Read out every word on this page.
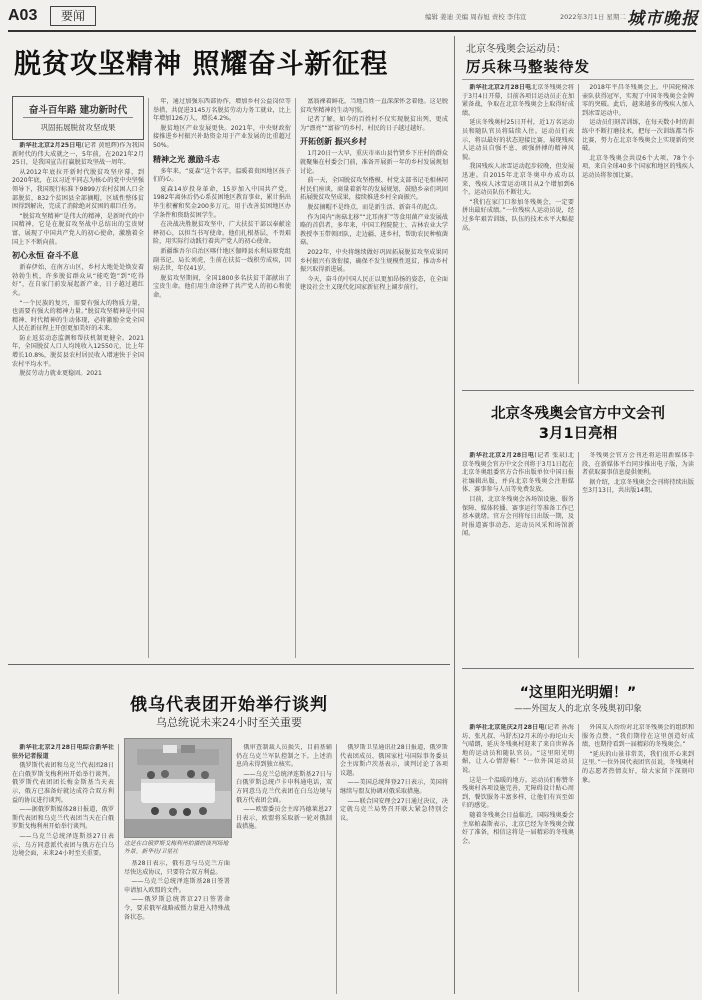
A03	要闻	编辑 姜迪 美编 周春旭 责校 李伟宣	2022年3月1日 星期二 城市晚报
脱贫攻坚精神 照耀奋斗新征程
奋斗百年路 建功新时代
巩固拓展脱贫攻坚成果

新华社北京2月25日电(记者 黄旭辉)作为我国新时代的伟大成就之一，5年前，在2021年2月25日，是我国宣告打赢脱贫攻坚战一周年。

从2012年底拉开新时代脱贫攻坚序幕，到2020年底，在以习近平同志为核心的党中央坚强领导下，我国现行标准下9899万农村贫困人口全部脱贫，832个贫困县全部摘帽，区域性整体贫困得到解决，完成了消除绝对贫困的艰巨任务。

“脱贫攻坚精神”是伟大的精神，是新时代的中国精神，它是在脱贫攻坚战中总结出的宝贵财富，展现了中国共产党人的初心使命，激励着全国上下不断向前。

初心永恒 奋斗不息

新春伊始，在南方山区，乡村大地处处焕发着勃勃生机，许多脱贫群众从“能吃饱”到“吃得好”，在自家门前发展起新产业，日子越过越红火。

“一个民族的复兴，需要有强大的物质力量，也需要有强大的精神力量。”脱贫攻坚精神是中国精神、时代精神的生动体现，必将激励全党全国人民在新征程上开创更加美好的未来。

防止返贫动态监测和帮扶机制更健全。2021年，全国脱贫人口人均纯收入12550元，比上年增长10.8%，脱贫县农村居民收入增速快于全国农村平均水平。

脱贫劳动力就业更稳固。2021

年，通过加强东西部协作，增加乡村公益岗位等举措，共促进3145万名脱贫劳动力务工就业，比上年增加126万人，增长4.2%。

脱贫地区产业发展更快。2021年，中央财政衔接推进乡村振兴补助资金用于产业发展的比重超过50%。

精神之光 激励斗志

多年来，“夏森”这个名字，温暖着贵困地区孩子们的心。

夏森14岁投身革命，15岁加入中国共产党，1982年离休后仍心系贫困地区教育事业，累计捐出毕生积蓄和奖金200多万元，用于改善贫困地区办学条件和资助贫困学生。

在决战决胜脱贫攻坚中，广大扶贫干部以奉献诠释初心，以担当书写使命。他们扎根基层，不畏艰险，用实际行动践行着共产党人的初心使命。

新疆维吾尔自治区喀什地区伽师县水利局原党组副书记、局长刘虎，生前在扶贫一线积劳成疾，因病去世，年仅41岁。

脱贫攻坚期间，全国1800多名扶贫干部献出了宝贵生命。他们用生命诠释了共产党人的初心和使命。

富翁裸着鲜花，当地百姓一直深深怀念着他。这是脱贫攻坚精神的生动写照。

记者了解，如今的百姓村不仅实现脱贫出列，更成为“漂亮”“富裕”的乡村，村民的日子越过越好。

开拓创新 振兴乡村

1月20日一大早，重庆市巫山县竹贤乡下庄村的群众就聚集在村委会门前，准备开展新一年的乡村发展规划讨论。

前一天，全国脱贫攻坚楷模、村党支部书记毛相林同村民们座谈，商量着新年的发展规划，鼓励乡亲们巩固拓展脱贫攻坚成果，接续推进乡村全面振兴。

脱贫摘帽不是终点，而是新生活、新奋斗的起点。

作为国内“南菇北移”“北耳南扩”等食用菌产业发展战略的首倡者，多年来，中国工程院院士、吉林农业大学教授李玉带领团队，走边疆、进乡村，帮助农民种植菌菇。

2022年，中央将继续做好巩固拓展脱贫攻坚成果同乡村振兴有效衔接，确保不发生规模性返贫，推动乡村振兴取得新进展。

今天，奋斗的中国人民正以更加昂扬的姿态，在全面建设社会主义现代化国家新征程上阔步前行。

北京冬残奥会运动员：
厉兵秣马整装待发

新华社北京2月28日电北京冬残奥会将于3月4日开幕，目前各项目运动员正在加紧备战，争取在北京冬残奥会上取得好成绩。

延庆冬残奥村25日开村，近1万名运动员和随队官员将陆续入住。运动员们表示，将以最好的状态迎接比赛，展现残疾人运动员自强不息、顽强拼搏的精神风貌。

我国残疾人冰雪运动起步较晚，但发展迅速。自2015年北京冬奥申办成功以来，残疾人冰雪运动项目从2个增加到6个，运动员队伍不断壮大。

“我们在家门口参加冬残奥会，一定要拼出最好成绩。”一位残疾人运动员说，经过多年艰苦训练，队伍的技术水平大幅提高。

2018年平昌冬残奥会上，中国轮椅冰壶队获得冠军，实现了中国冬残奥会金牌零的突破。此后，越来越多的残疾人加入到冰雪运动中。

运动员们刻苦训练，在每天数小时的训练中不断打磨技术，把每一次训练都当作比赛，努力在北京冬残奥会上实现新的突破。

北京冬残奥会共设6个大项、78个小项，来自全球40多个国家和地区的残疾人运动员将参加比赛。

北京冬残奥会官方中文会刊
3月1日亮相

新华社北京2月28日电(记者 张泉)北京冬残奥会官方中文会刊将于3月1日起在北京冬奥组委官方合作出版单位中国日报社编辑出版，并向北京冬残奥会注册媒体、赛事参与人员等免费发放。

目前，北京冬残奥会各场馆设施、服务保障、媒体转播、赛事运行等准备工作已基本就绪。官方会刊将每日出版一期，及时报道赛事动态、运动员风采和场馆新闻。

冬残奥会官方会刊还将运用新媒体手段，在新媒体平台同步推出电子版，为读者获取赛事信息提供便利。

据介绍，北京冬残奥会会刊将持续出版至3月13日，共出版14期。

“这里阳光明媚！”
——外国友人的北京冬残奥初印象

新华社北京延庆2月28日电(记者 孙海坊、张凡叔、马舒杰)2月末的小海坨山天气晴朗，延庆冬残奥村迎来了来自世界各地的运动员和随队官员。“这里阳光明媚，让人心情舒畅！”一位外国运动员说。

这是一个温暖的地方。运动员们称赞冬残奥村各项设施完善，无障碍设计贴心周到，餐饮服务丰富多样，让他们有宾至如归的感觉。

随着冬残奥会日益临近，国际残奥委会主席帕森斯表示，北京已经为冬残奥会做好了准备，相信这将是一届精彩的冬残奥会。

外国友人纷纷对北京冬残奥会的组织和服务点赞，“我们期待在这里创造好成绩，也期待看到一届精彩的冬残奥会。”

“延庆的山景非常美，我们很开心来到这里。”一位外国代表团官员说，冬残奥村的志愿者热情友好，给大家留下深刻印象。

俄乌代表团开始举行谈判
乌总统说未来24小时至关重要

新华社北京2月28日电综合新华社驻外记者报道

俄罗斯代表团和乌克兰代表团28日在白俄罗斯戈梅利州开始举行谈判。俄罗斯代表团团长梅金斯基当天表示，俄方已准备好就达成符合双方利益的协议进行谈判。

——据俄罗斯媒体28日报道，俄罗斯代表团和乌克兰代表团当天在白俄罗斯戈梅利州开始举行谈判。

——乌克兰总统泽连斯基27日表示，乌方同意派代表团与俄方在白乌边境会面，未来24小时至关重要。

这是在白俄罗斯戈梅利州拍摄的谈判场地外景。新华社/卫星社

俄审查制裁人员损失，目前基辅仍在乌克兰军队控制之下。上述消息尚未得到独立核实。

——乌克兰总统泽连斯基27日与白俄罗斯总统卢卡申科通电话，双方同意乌克兰代表团在白乌边境与俄方代表团会面。

——欧盟委员会主席冯德莱恩27日表示，欧盟将采取新一轮对俄制裁措施。

基28日表示，俄有意与乌克兰方面尽快达成协议，只要符合双方利益。

——乌克兰总统泽连斯基28日签署申请加入欧盟的文件。

——俄罗斯总统普京27日签署命令，要求俄军战略威慑力量进入特殊战备状态。

俄罗斯卫星通讯社28日报道，俄罗斯代表团成员、俄国家杜马国际事务委员会主席斯卢茨基表示，谈判讨论了各项议题。

——美国总统拜登27日表示，美国将继续与盟友协调对俄采取措施。

——联合国安理会27日通过决议，决定就乌克兰局势召开联大紧急特别会议。
